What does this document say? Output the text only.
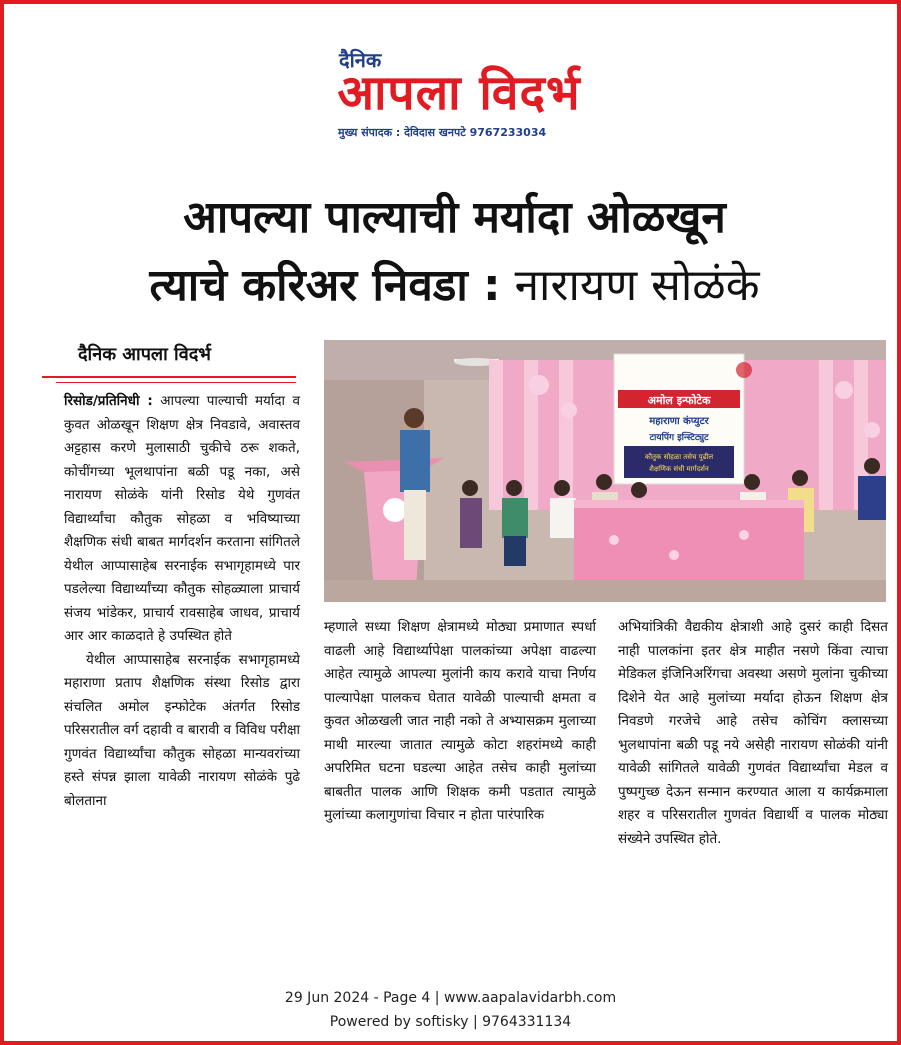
दैनिक
आपला विदर्भ
मुख्य संपादक : देविदास खनपटे 9767233034
आपल्या पाल्याची मर्यादा ओळखून
त्याचे करिअर निवडा : नारायण सोळंके
दैनिक आपला विदर्भ

रिसोड/प्रतिनिधी : आपल्या पाल्याची मर्यादा व कुवत ओळखून शिक्षण क्षेत्र निवडावे, अवास्तव अट्टहास करणे मुलासाठी चुकीचे ठरू शकते, कोचींगच्या भूलथापांना बळी पडू नका, असे नारायण सोळंके यांनी रिसोड येथे गुणवंत विद्यार्थ्यांचा कौतुक सोहळा व भविष्याच्या शैक्षणिक संधी बाबत मार्गदर्शन करताना सांगितले येथील आप्पासाहेब सरनाईक सभागृहामध्ये पार पडलेल्या विद्यार्थ्यांच्या कौतुक सोहळ्याला प्राचार्य संजय भांडेकर, प्राचार्य रावसाहेब जाधव, प्राचार्य आर आर काळदाते हे उपस्थित होते

येथील आप्पासाहेब सरनाईक सभागृहामध्ये महाराणा प्रताप शैक्षणिक संस्था रिसोड द्वारा संचलित अमोल इन्फोटेक अंतर्गत रिसोड परिसरातील वर्ग दहावी व बारावी व विविध परीक्षा गुणवंत विद्यार्थ्यांचा कौतुक सोहळा मान्यवरांच्या हस्ते संपन्न झाला यावेळी नारायण सोळंके पुढे बोलताना

अमोल इन्फोटेक
महाराणा कंप्युटर
टायपिंग इन्स्टिट्युट
कौतुक सोहळा तसेच पुढील
शैक्षणिक संधी मार्गदर्शन

म्हणाले सध्या शिक्षण क्षेत्रामध्ये मोठ्या प्रमाणात स्पर्धा वाढली आहे विद्यार्थ्यापेक्षा पालकांच्या अपेक्षा वाढल्या आहेत त्यामुळे आपल्या मुलांनी काय करावे याचा निर्णय पाल्यापेक्षा पालकच घेतात यावेळी पाल्याची क्षमता व कुवत ओळखली जात नाही नको ते अभ्यासक्रम मुलाच्या माथी मारल्या जातात त्यामुळे कोटा शहरांमध्ये काही अपरिमित घटना घडल्या आहेत तसेच काही मुलांच्या बाबतीत पालक आणि शिक्षक कमी पडतात त्यामुळे मुलांच्या कलागुणांचा विचार न होता पारंपारिक

अभियांत्रिकी वैद्यकीय क्षेत्राशी आहे दुसरं काही दिसत नाही पालकांना इतर क्षेत्र माहीत नसणे किंवा त्याचा मेडिकल इंजिनिअरिंगचा अवस्था असणे मुलांना चुकीच्या दिशेने येत आहे मुलांच्या मर्यादा होऊन शिक्षण क्षेत्र निवडणे गरजेचे आहे तसेच कोचिंग क्लासच्या भुलथापांना बळी पडू नये असेही नारायण सोळंकी यांनी यावेळी सांगितले यावेळी गुणवंत विद्यार्थ्यांचा मेडल व पुष्पगुच्छ देऊन सन्मान करण्यात आला य कार्यक्रमाला शहर व परिसरातील गुणवंत विद्यार्थी व पालक मोठ्या संख्येने उपस्थित होते.

29 Jun 2024 - Page 4 | www.aapalavidarbh.com
Powered by softisky | 9764331134
